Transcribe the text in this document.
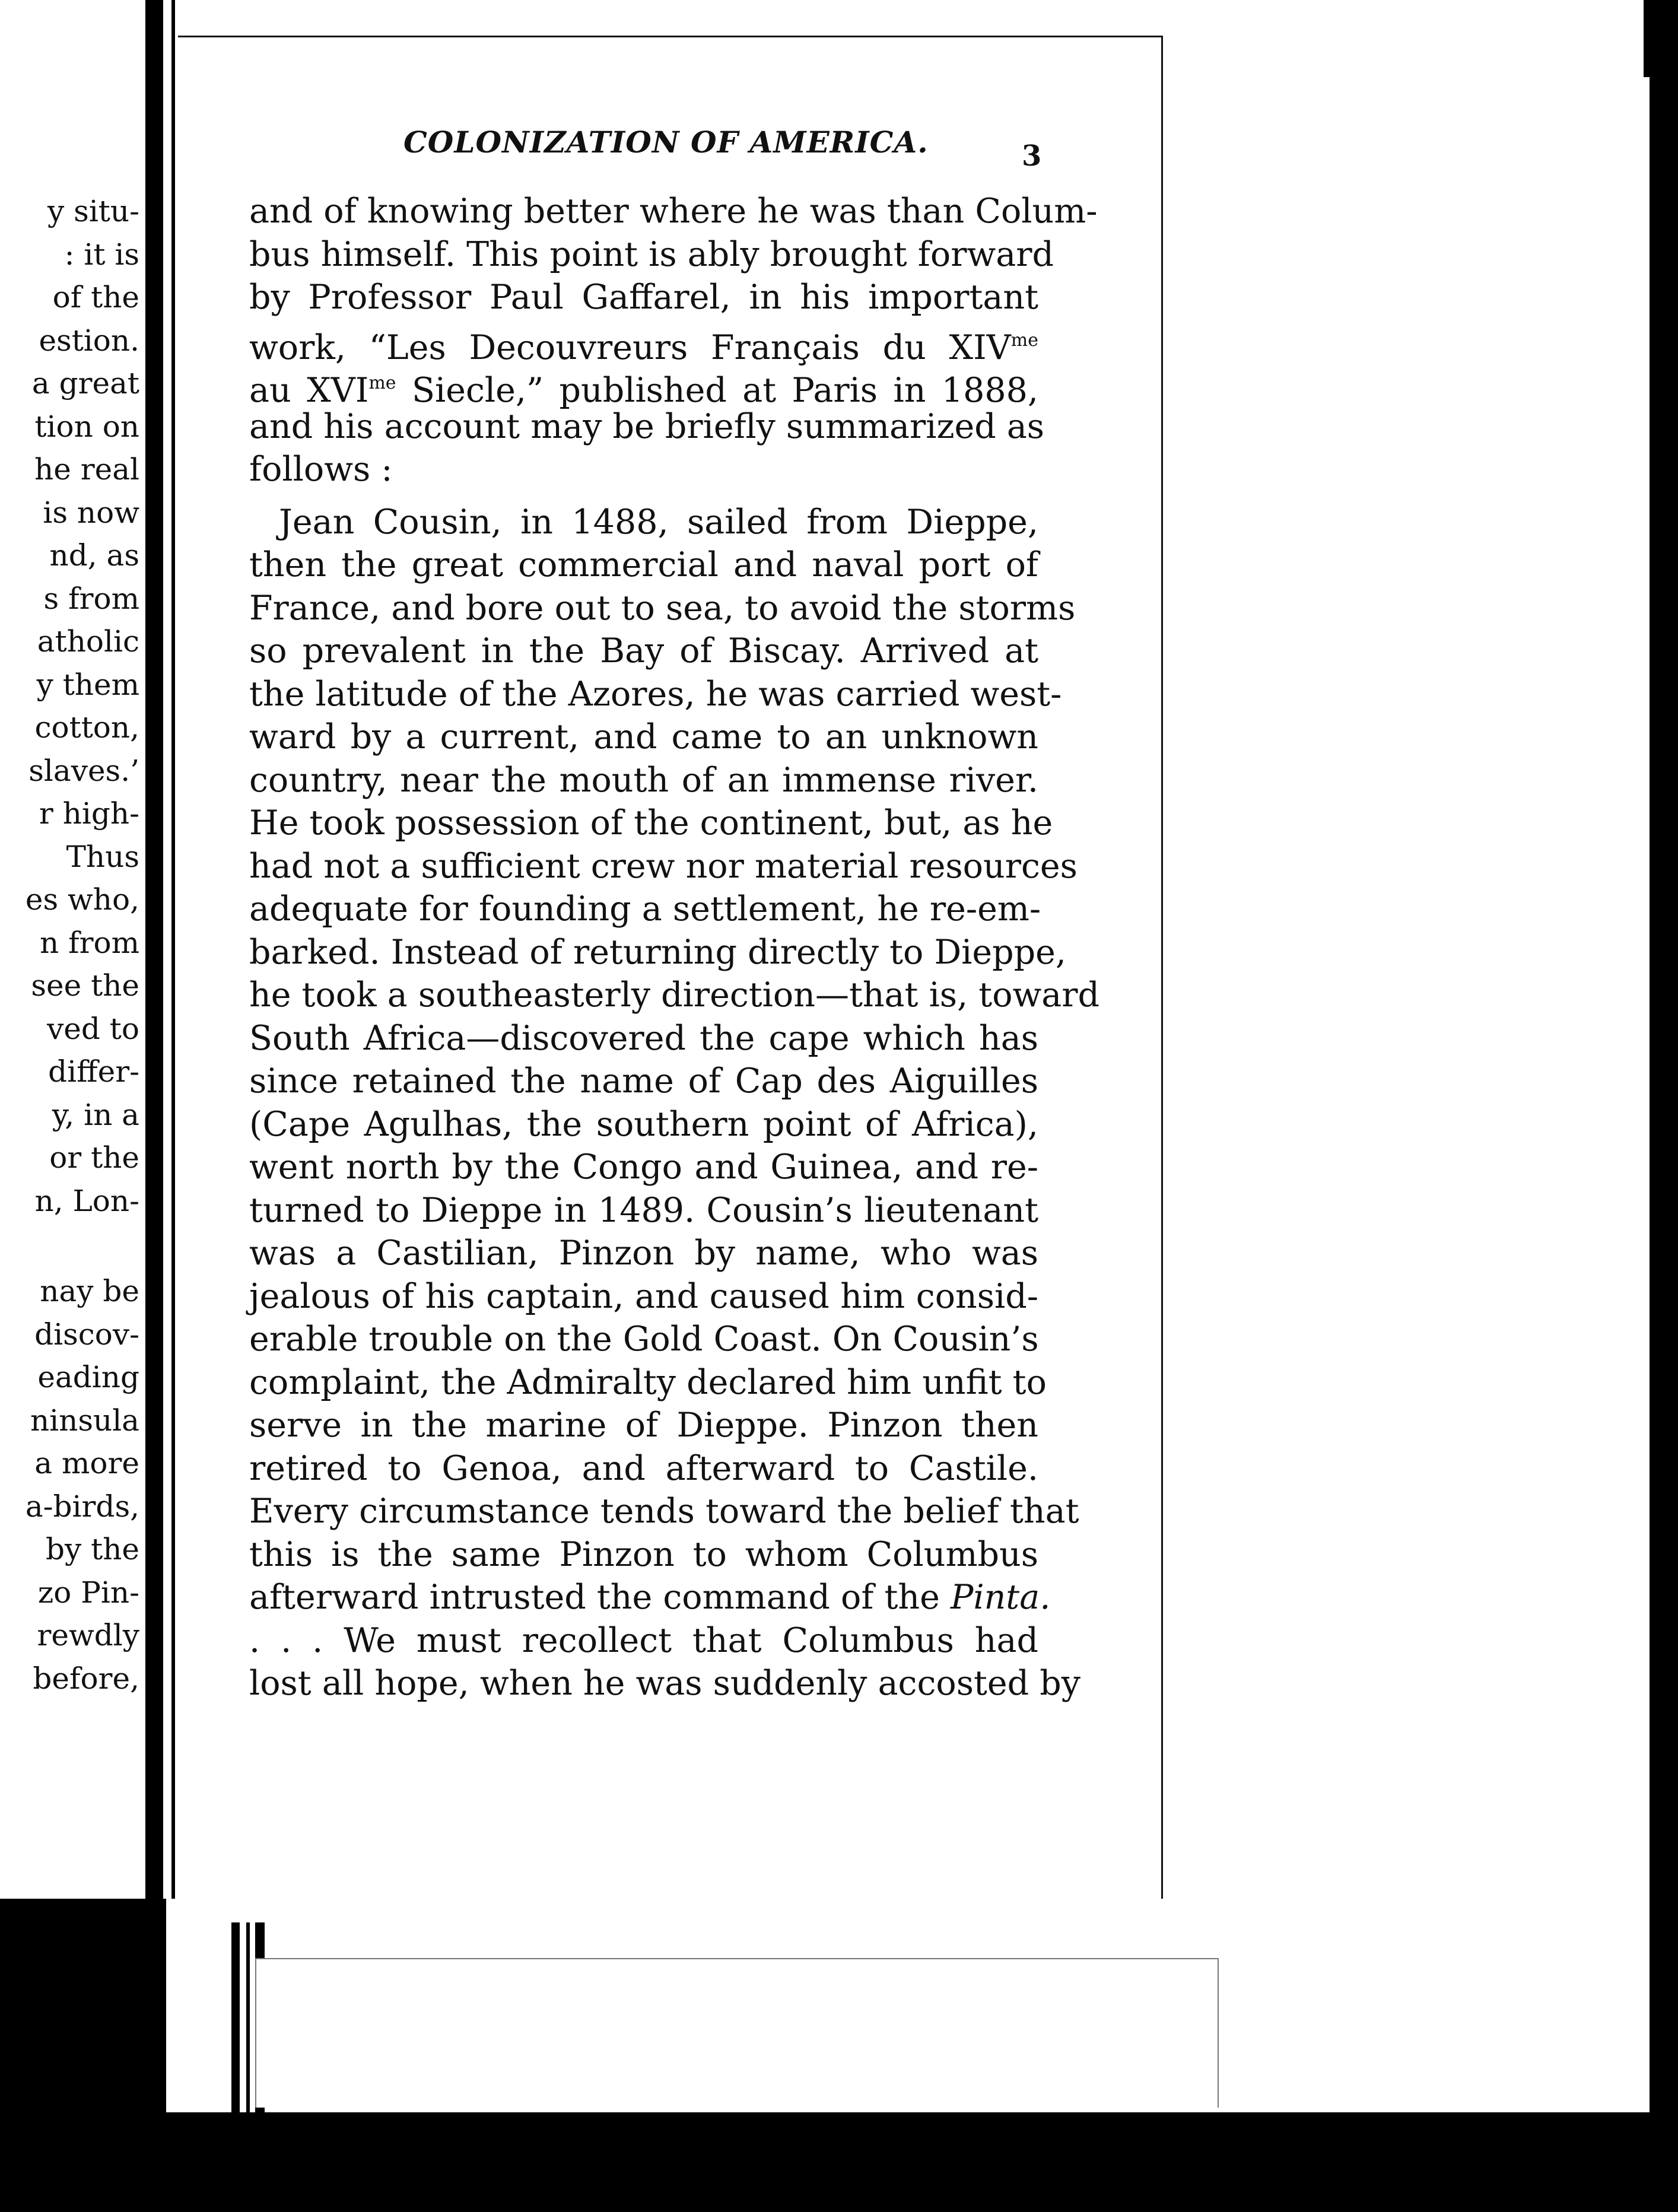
y situ-
: it is
of the
estion.
a great
tion on
he real
is now
nd, as
s from
atholic
y them
cotton,
slaves.’
r high-
Thus
es who,
n from
see the
ved to
differ-
y, in a
or the
n, Lon-
nay be
discov-
eading
ninsula
a more
a-birds,
by the
zo Pin-
rewdly
before,
COLONIZATION OF AMERICA.	3
and of knowing better where he was than Colum-
bus himself. This point is ably brought forward
by Professor Paul Gaffarel, in his important
work, “Les Decouvreurs Français du $XIV^{me}$
au $XVI^{me}$ Siecle,” published at Paris in 1888,
and his account may be briefly summarized as
follows :
Jean Cousin, in 1488, sailed from Dieppe,
then the great commercial and naval port of
France, and bore out to sea, to avoid the storms
so prevalent in the Bay of Biscay. Arrived at
the latitude of the Azores, he was carried west-
ward by a current, and came to an unknown
country, near the mouth of an immense river.
He took possession of the continent, but, as he
had not a sufficient crew nor material resources
adequate for founding a settlement, he re-em-
barked. Instead of returning directly to Dieppe,
he took a southeasterly direction—that is, toward
South Africa—discovered the cape which has
since retained the name of Cap des Aiguilles
(Cape Agulhas, the southern point of Africa),
went north by the Congo and Guinea, and re-
turned to Dieppe in 1489. Cousin’s lieutenant
was a Castilian, Pinzon by name, who was
jealous of his captain, and caused him consid-
erable trouble on the Gold Coast. On Cousin’s
complaint, the Admiralty declared him unfit to
serve in the marine of Dieppe. Pinzon then
retired to Genoa, and afterward to Castile.
Every circumstance tends toward the belief that
this is the same Pinzon to whom Columbus
afterward intrusted the command of the Pinta.
. . . We must recollect that Columbus had
lost all hope, when he was suddenly accosted by
